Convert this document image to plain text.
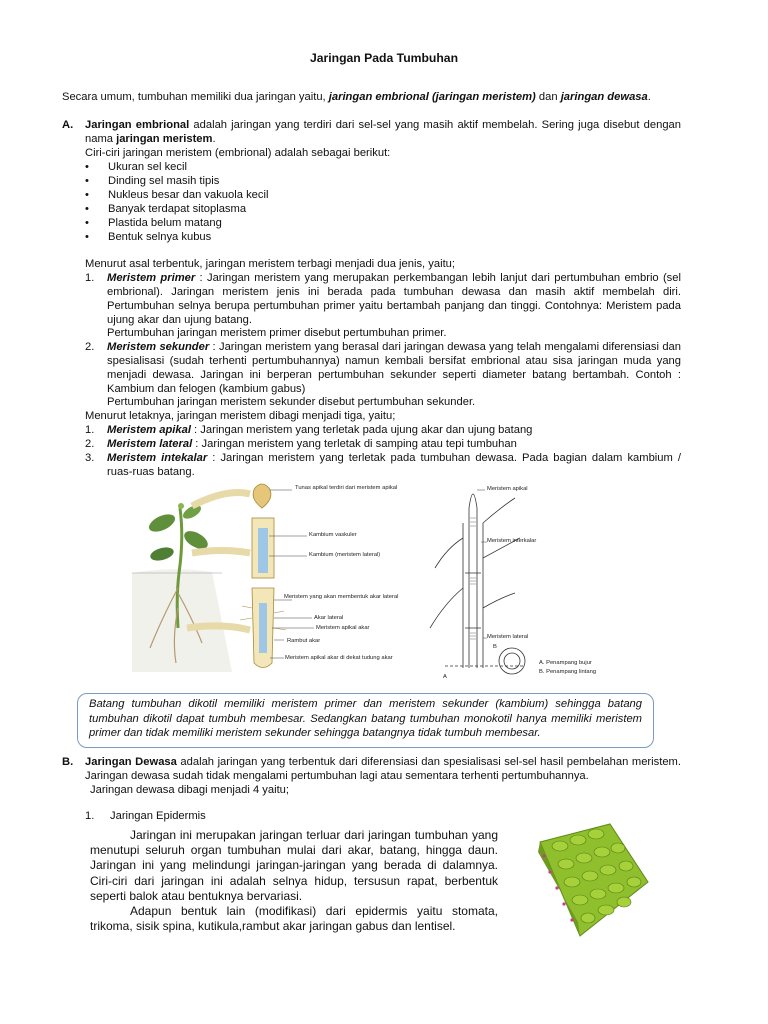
Jaringan Pada Tumbuhan
Secara umum, tumbuhan memiliki dua jaringan yaitu, jaringan embrional (jaringan meristem) dan jaringan dewasa.
A. Jaringan embrional adalah jaringan yang terdiri dari sel-sel yang masih aktif membelah. Sering juga disebut dengan nama jaringan meristem.
Ciri-ciri jaringan meristem (embrional) adalah sebagai berikut:
• Ukuran sel kecil
• Dinding sel masih tipis
• Nukleus besar dan vakuola kecil
• Banyak terdapat sitoplasma
• Plastida belum matang
• Bentuk selnya kubus
Menurut asal terbentuk, jaringan meristem terbagi menjadi dua jenis, yaitu;
1.	Meristem primer : Jaringan meristem yang merupakan perkembangan lebih lanjut dari pertumbuhan embrio (sel embrional). Jaringan meristem jenis ini berada pada tumbuhan dewasa dan masih aktif membelah diri. Pertumbuhan selnya berupa pertumbuhan primer yaitu bertambah panjang dan tinggi. Contohnya: Meristem pada ujung akar dan ujung batang.
Pertumbuhan jaringan meristem primer disebut pertumbuhan primer.
2.	Meristem sekunder : Jaringan meristem yang berasal dari jaringan dewasa yang telah mengalami diferensiasi dan spesialisasi (sudah terhenti pertumbuhannya) namun kembali bersifat embrional atau sisa jaringan muda yang menjadi dewasa. Jaringan ini berperan pertumbuhan sekunder seperti diameter batang bertambah. Contoh : Kambium dan felogen (kambium gabus)
Pertumbuhan jaringan meristem sekunder disebut pertumbuhan sekunder.
Menurut letaknya, jaringan meristem dibagi menjadi tiga, yaitu;
1.	Meristem apikal : Jaringan meristem yang terletak pada ujung akar dan ujung batang
2.	Meristem lateral : Jaringan meristem yang terletak di samping atau tepi tumbuhan
3.	Meristem intekalar : Jaringan meristem yang terletak pada tumbuhan dewasa. Pada bagian dalam kambium / ruas-ruas batang.
Tunas apikal terdiri dari meristem apikal
Kambium vaskuler
Kambium (meristem lateral)
Meristem yang akan membentuk akar lateral
Akar lateral
Meristem apikal akar
Rambut akar
Meristem apikal akar di dekat tudung akar
Meristem apikal
Meristem interkalar
Meristem lateral
A
B
A. Penampang bujur
B. Penampang lintang
Batang tumbuhan dikotil memiliki meristem primer dan meristem sekunder (kambium) sehingga batang tumbuhan dikotil dapat tumbuh membesar. Sedangkan batang tumbuhan monokotil hanya memiliki meristem primer dan tidak memiliki meristem sekunder sehingga batangnya tidak tumbuh membesar.
B. Jaringan Dewasa adalah jaringan yang terbentuk dari diferensiasi dan spesialisasi sel-sel hasil pembelahan meristem. Jaringan dewasa sudah tidak mengalami pertumbuhan lagi atau sementara terhenti pertumbuhannya.
Jaringan dewasa dibagi menjadi 4 yaitu;
1.	Jaringan Epidermis
Jaringan ini merupakan jaringan terluar dari jaringan tumbuhan yang menutupi seluruh organ tumbuhan mulai dari akar, batang, hingga daun. Jaringan ini yang melindungi jaringan-jaringan yang berada di dalamnya. Ciri-ciri dari jaringan ini adalah selnya hidup, tersusun rapat, berbentuk seperti balok atau bentuknya bervariasi.
Adapun bentuk lain (modifikasi) dari epidermis yaitu stomata, trikoma, sisik spina, kutikula,rambut akar jaringan gabus dan lentisel.
